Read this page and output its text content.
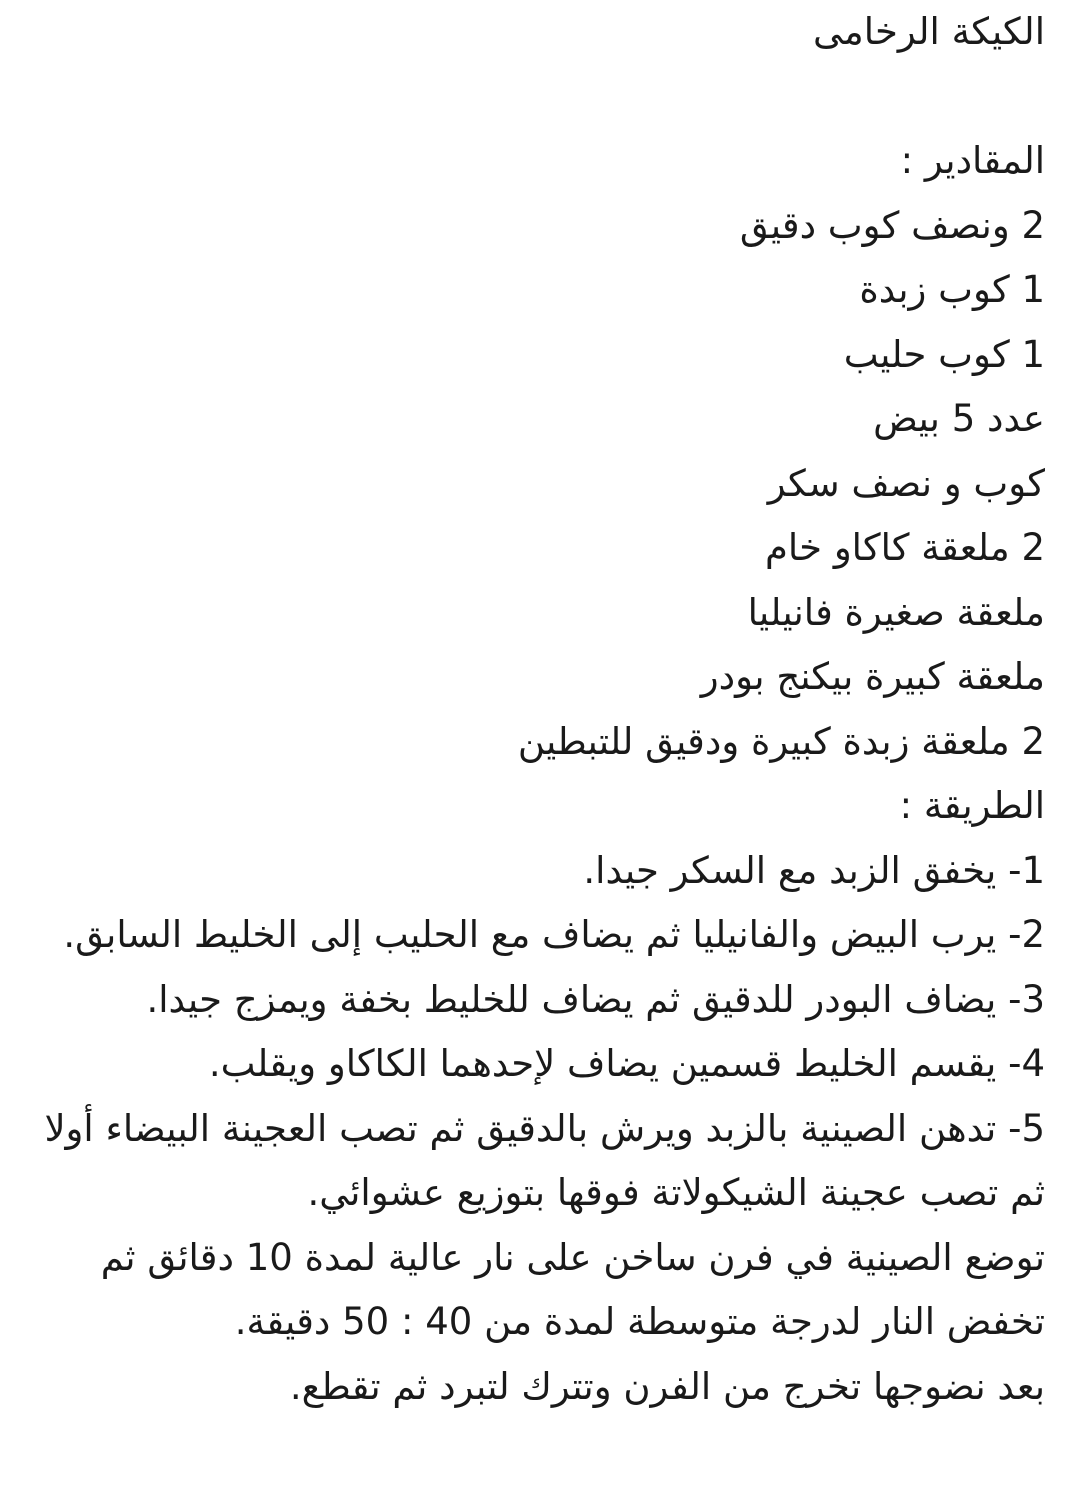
الكيكة الرخامى
المقادير :
2 ونصف كوب دقيق
1 كوب زبدة
1 كوب حليب
عدد 5 بيض
كوب و نصف سكر
2 ملعقة كاكاو خام
ملعقة صغيرة فانيليا
ملعقة كبيرة بيكنج بودر
2 ملعقة زبدة كبيرة ودقيق للتبطين
الطريقة :
1- يخفق الزبد مع السكر جيدا.
2- يرب البيض والفانيليا ثم يضاف مع الحليب إلى الخليط السابق.
3- يضاف البودر للدقيق ثم يضاف للخليط بخفة ويمزج جيدا.
4- يقسم الخليط قسمين يضاف لإحدهما الكاكاو ويقلب.
5- تدهن الصينية بالزبد ويرش بالدقيق ثم تصب العجينة البيضاء أولا ثم تصب عجينة الشيكولاتة فوقها بتوزيع عشوائي.
توضع الصينية في فرن ساخن على نار عالية لمدة 10 دقائق ثم تخفض النار لدرجة متوسطة لمدة من 40 : 50 دقيقة.
بعد نضوجها تخرج من الفرن وتترك لتبرد ثم تقطع.
